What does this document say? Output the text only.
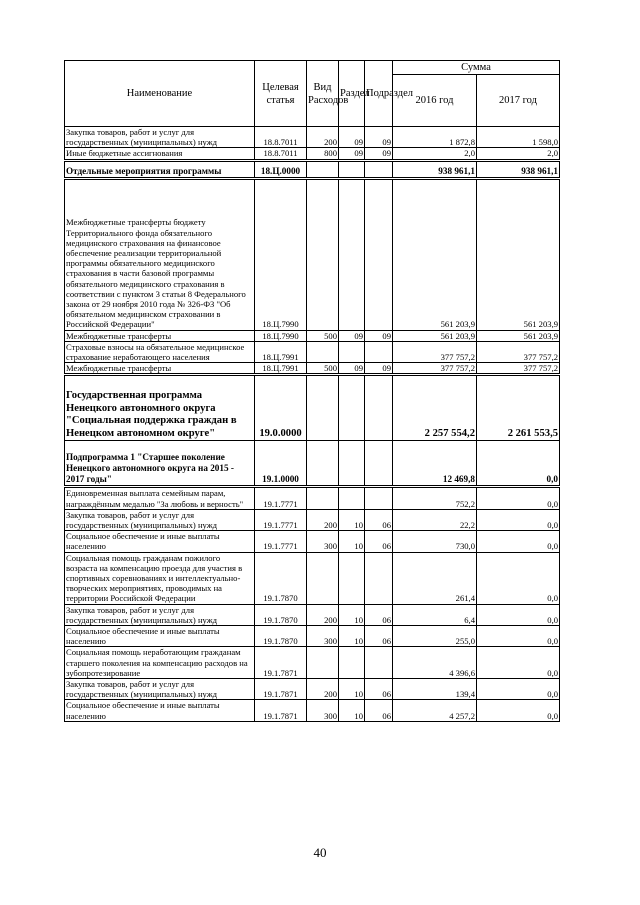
Наименование	Целевая статья	Вид Расходов	Раздел	Подраздел	Сумма	
					2016 год	2017 год
Закупка товаров, работ и услуг для государственных (муниципальных) нужд	18.8.7011	200	09	09	1 872,8	1 598,0
Иные бюджетные ассигнования	18.8.7011	800	09	09	2,0	2,0
Отдельные мероприятия программы	18.Ц.0000				938 961,1	938 961,1
Межбюджетные трансферты бюджету Территориального фонда обязательного медицинского страхования на финансовое обеспечение реализации территориальной программы обязательного медицинского страхования в части базовой программы обязательного медицинского страхования в соответствии с пунктом 3 статьи 8 Федерального закона от 29 ноября 2010 года № 326-ФЗ "Об обязательном медицинском страховании в Российской Федерации"	18.Ц.7990				561 203,9	561 203,9
Межбюджетные трансферты	18.Ц.7990	500	09	09	561 203,9	561 203,9
Страховые взносы на обязательное медицинское страхование неработающего населения	18.Ц.7991				377 757,2	377 757,2
Межбюджетные трансферты	18.Ц.7991	500	09	09	377 757,2	377 757,2
Государственная программа Ненецкого автономного округа "Социальная поддержка граждан в Ненецком автономном округе"	19.0.0000				2 257 554,2	2 261 553,5
Подпрограмма 1 "Старшее поколение Ненецкого автономного округа на 2015 - 2017 годы"	19.1.0000				12 469,8	0,0
Единовременная выплата семейным парам, награждённым медалью "За любовь и верность"	19.1.7771				752,2	0,0
Закупка товаров, работ и услуг для государственных (муниципальных) нужд	19.1.7771	200	10	06	22,2	0,0
Социальное обеспечение и иные выплаты населению	19.1.7771	300	10	06	730,0	0,0
Социальная помощь гражданам пожилого возраста на компенсацию проезда для участия в спортивных соревнованиях и интеллектуально-творческих мероприятиях, проводимых на территории Российской Федерации	19.1.7870				261,4	0,0
Закупка товаров, работ и услуг для государственных (муниципальных) нужд	19.1.7870	200	10	06	6,4	0,0
Социальное обеспечение и иные выплаты населению	19.1.7870	300	10	06	255,0	0,0
Социальная помощь неработающим гражданам старшего поколения на компенсацию расходов на зубопротезирование	19.1.7871				4 396,6	0,0
Закупка товаров, работ и услуг для государственных (муниципальных) нужд	19.1.7871	200	10	06	139,4	0,0
Социальное обеспечение и иные выплаты населению	19.1.7871	300	10	06	4 257,2	0,0
40
